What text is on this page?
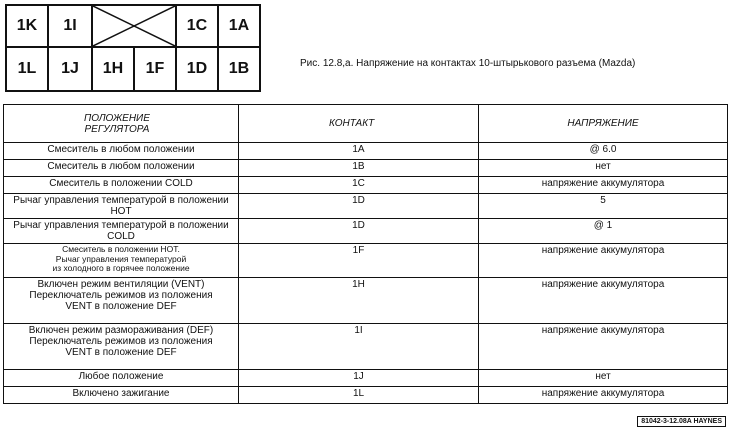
1K	1I	1C	1A
1L	1J	1H	1F	1D	1B	Рис. 12.8,а. Напряжение на контактах 10-штырькового разъема (Mazda)
ПОЛОЖЕНИЕ
РЕГУЛЯТОРА	КОНТАКТ	НАПРЯЖЕНИЕ
Смеситель в любом положении	1A	@ 6.0
Смеситель в любом положении	1B	нет
Смеситель в положении COLD	1C	напряжение аккумулятора
Рычаг управления температурой в положении HOT	1D	5
Рычаг управления температурой в положении COLD	1D	@ 1
Смеситель в положении HOT.
Рычаг управления температурой
из холодного в горячее положение	1F	напряжение аккумулятора
Включен режим вентиляции (VENT)
Переключатель режимов из положения
VENT в положение DEF	1H	напряжение аккумулятора
Включен режим размораживания (DEF)
Переключатель режимов из положения
VENT в положение DEF	1I	напряжение аккумулятора
Любое положение	1J	нет
Включено зажигание	1L	напряжение аккумулятора
81042-3-12.08A HAYNES
